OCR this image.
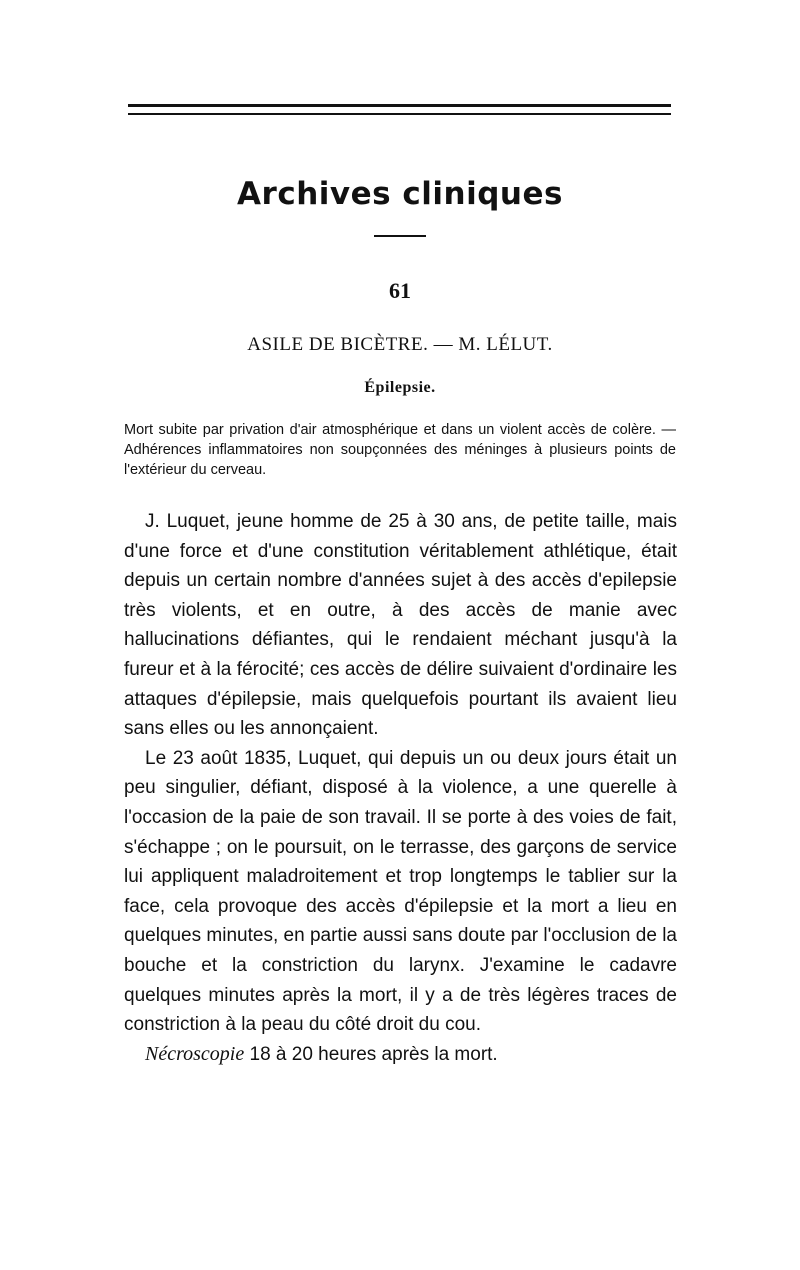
Archives cliniques
61
ASILE DE BICÈTRE. — M. LÉLUT.
Épilepsie.

Mort subite par privation d'air atmosphérique et dans un violent accès de colère. — Adhérences inflammatoires non soupçonnées des méninges à plusieurs points de l'extérieur du cerveau.

J. Luquet, jeune homme de 25 à 30 ans, de petite taille, mais d'une force et d'une constitution véritablement athlétique, était depuis un certain nombre d'années sujet à des accès d'epilepsie très violents, et en outre, à des accès de manie avec hallucinations défiantes, qui le rendaient méchant jusqu'à la fureur et à la férocité; ces accès de délire suivaient d'ordinaire les attaques d'épilepsie, mais quelquefois pourtant ils avaient lieu sans elles ou les annonçaient.

Le 23 août 1835, Luquet, qui depuis un ou deux jours était un peu singulier, défiant, disposé à la violence, a une querelle à l'occasion de la paie de son travail. Il se porte à des voies de fait, s'échappe ; on le poursuit, on le terrasse, des garçons de service lui appliquent maladroitement et trop longtemps le tablier sur la face, cela provoque des accès d'épilepsie et la mort a lieu en quelques minutes, en partie aussi sans doute par l'occlusion de la bouche et la constriction du larynx. J'examine le cadavre quelques minutes après la mort, il y a de très légères traces de constriction à la peau du côté droit du cou.

Nécroscopie 18 à 20 heures après la mort.
